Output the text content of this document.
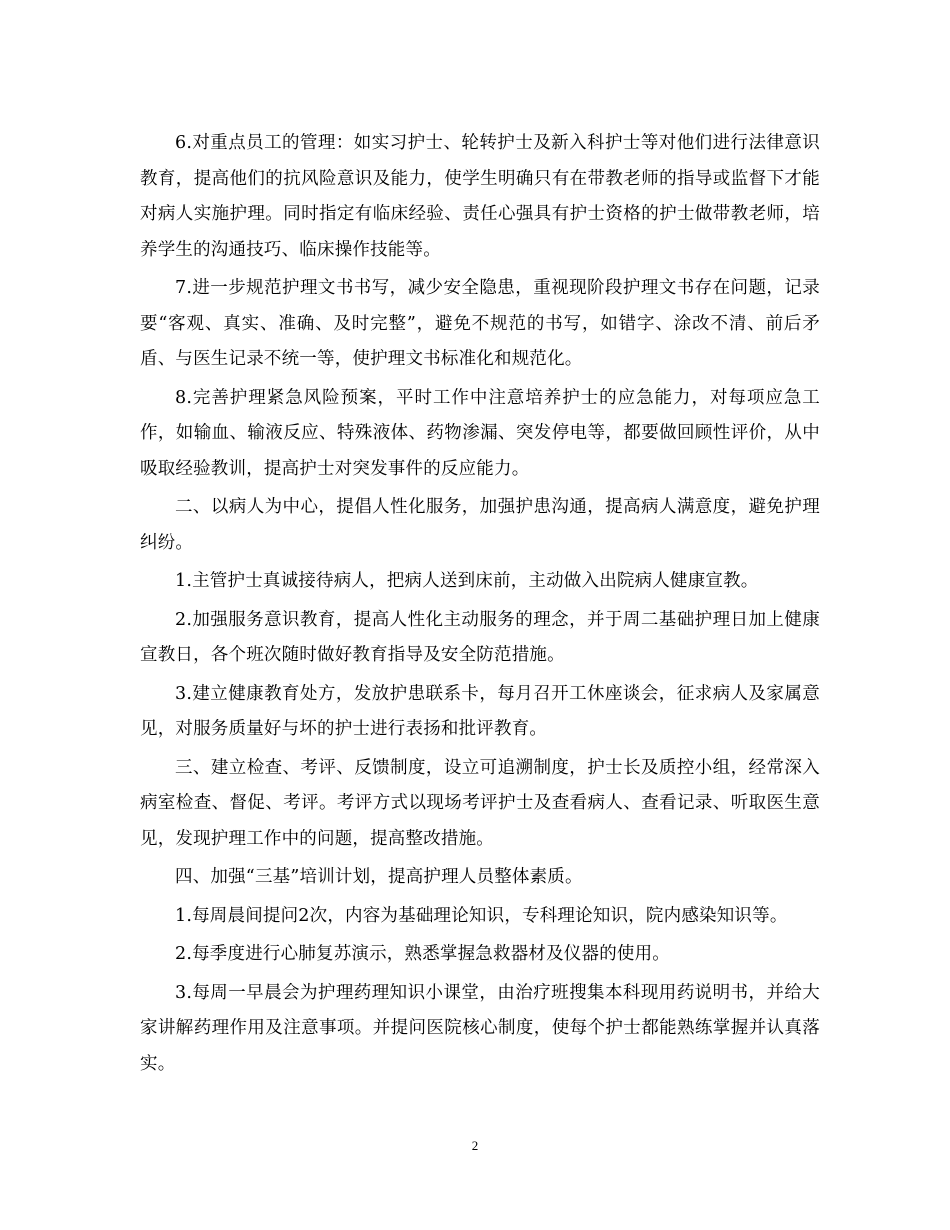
6.对重点员工的管理：如实习护士、轮转护士及新入科护士等对他们进行法律意识教育，提高他们的抗风险意识及能力，使学生明确只有在带教老师的指导或监督下才能对病人实施护理。同时指定有临床经验、责任心强具有护士资格的护士做带教老师，培养学生的沟通技巧、临床操作技能等。

7.进一步规范护理文书书写，减少安全隐患，重视现阶段护理文书存在问题，记录要“客观、真实、准确、及时完整”，避免不规范的书写，如错字、涂改不清、前后矛盾、与医生记录不统一等，使护理文书标准化和规范化。

8.完善护理紧急风险预案，平时工作中注意培养护士的应急能力，对每项应急工作，如输血、输液反应、特殊液体、药物渗漏、突发停电等，都要做回顾性评价，从中吸取经验教训，提高护士对突发事件的反应能力。

二、以病人为中心，提倡人性化服务，加强护患沟通，提高病人满意度，避免护理纠纷。

1.主管护士真诚接待病人，把病人送到床前，主动做入出院病人健康宣教。

2.加强服务意识教育，提高人性化主动服务的理念，并于周二基础护理日加上健康宣教日，各个班次随时做好教育指导及安全防范措施。

3.建立健康教育处方，发放护患联系卡，每月召开工休座谈会，征求病人及家属意见，对服务质量好与坏的护士进行表扬和批评教育。

三、建立检查、考评、反馈制度，设立可追溯制度，护士长及质控小组，经常深入病室检查、督促、考评。考评方式以现场考评护士及查看病人、查看记录、听取医生意见，发现护理工作中的问题，提高整改措施。

四、加强“三基”培训计划，提高护理人员整体素质。

1.每周晨间提问2次，内容为基础理论知识，专科理论知识，院内感染知识等。

2.每季度进行心肺复苏演示，熟悉掌握急救器材及仪器的使用。

3.每周一早晨会为护理药理知识小课堂，由治疗班搜集本科现用药说明书，并给大家讲解药理作用及注意事项。并提问医院核心制度，使每个护士都能熟练掌握并认真落实。

2
